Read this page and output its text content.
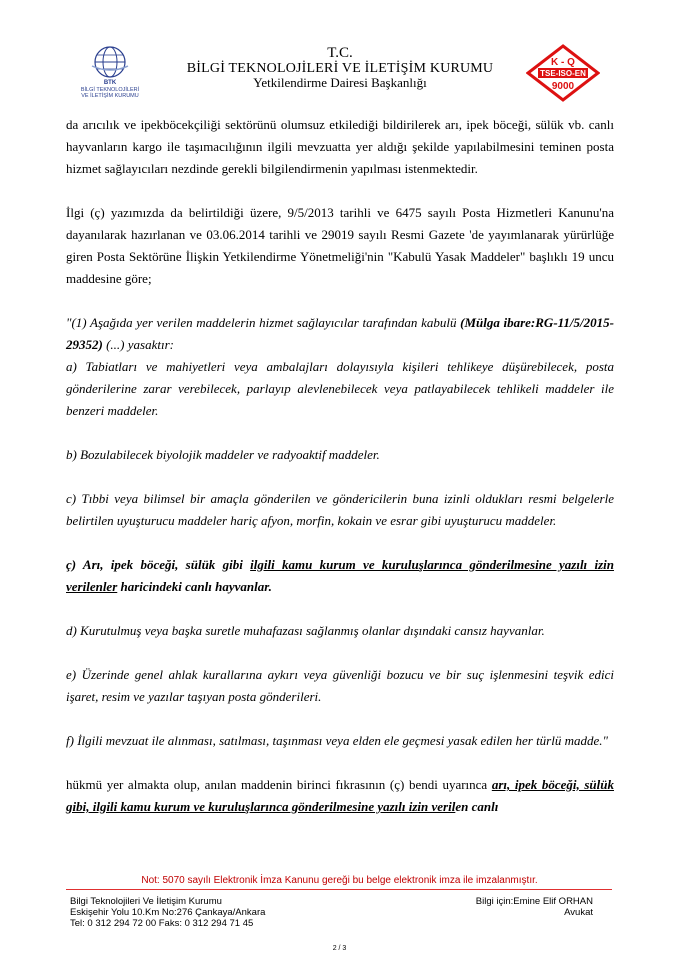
BTK
BİLGİ TEKNOLOJİLERİ
VE İLETİŞİM KURUMU
T.C.
BİLGİ TEKNOLOJİLERİ VE İLETİŞİM KURUMU
Yetkilendirme Dairesi Başkanlığı
K - Q
TSE-ISO-EN
9000

da arıcılık ve ipekböcekçiliği sektörünü olumsuz etkilediği bildirilerek arı, ipek böceği, sülük vb. canlı hayvanların kargo ile taşımacılığının ilgili mevzuatta yer aldığı şekilde yapılabilmesini teminen posta hizmet sağlayıcıları nezdinde gerekli bilgilendirmenin yapılması istenmektedir.

İlgi (ç) yazımızda da belirtildiği üzere, 9/5/2013 tarihli ve 6475 sayılı Posta Hizmetleri Kanunu'na dayanılarak hazırlanan ve 03.06.2014 tarihli ve 29019 sayılı Resmi Gazete 'de yayımlanarak yürürlüğe giren Posta Sektörüne İlişkin Yetkilendirme Yönetmeliği'nin "Kabulü Yasak Maddeler" başlıklı 19 uncu maddesine göre;

"(1) Aşağıda yer verilen maddelerin hizmet sağlayıcılar tarafından kabulü (Mülga ibare:RG-11/5/2015-29352) (...) yasaktır:

a) Tabiatları ve mahiyetleri veya ambalajları dolayısıyla kişileri tehlikeye düşürebilecek, posta gönderilerine zarar verebilecek, parlayıp alevlenebilecek veya patlayabilecek tehlikeli maddeler ile benzeri maddeler.

b) Bozulabilecek biyolojik maddeler ve radyoaktif maddeler.

c) Tıbbi veya bilimsel bir amaçla gönderilen ve göndericilerin buna izinli oldukları resmi belgelerle belirtilen uyuşturucu maddeler hariç afyon, morfin, kokain ve esrar gibi uyuşturucu maddeler.

ç) Arı, ipek böceği, sülük gibi ilgili kamu kurum ve kuruluşlarınca gönderilmesine yazılı izin verilenler haricindeki canlı hayvanlar.

d) Kurutulmuş veya başka suretle muhafazası sağlanmış olanlar dışındaki cansız hayvanlar.

e) Üzerinde genel ahlak kurallarına aykırı veya güvenliği bozucu ve bir suç işlenmesini teşvik edici işaret, resim ve yazılar taşıyan posta gönderileri.

f) İlgili mevzuat ile alınması, satılması, taşınması veya elden ele geçmesi yasak edilen her türlü madde."

hükmü yer almakta olup, anılan maddenin birinci fıkrasının (ç) bendi uyarınca arı, ipek böceği, sülük gibi, ilgili kamu kurum ve kuruluşlarınca gönderilmesine yazılı izin verilen canlı

Not: 5070 sayılı Elektronik İmza Kanunu gereği bu belge elektronik imza ile imzalanmıştır.
Bilgi Teknolojileri Ve İletişim Kurumu
Eskişehir Yolu 10.Km No:276 Çankaya/Ankara
Tel: 0 312 294 72 00 Faks: 0 312 294 71 45
Bilgi için:Emine Elif ORHAN
Avukat
2 / 3
